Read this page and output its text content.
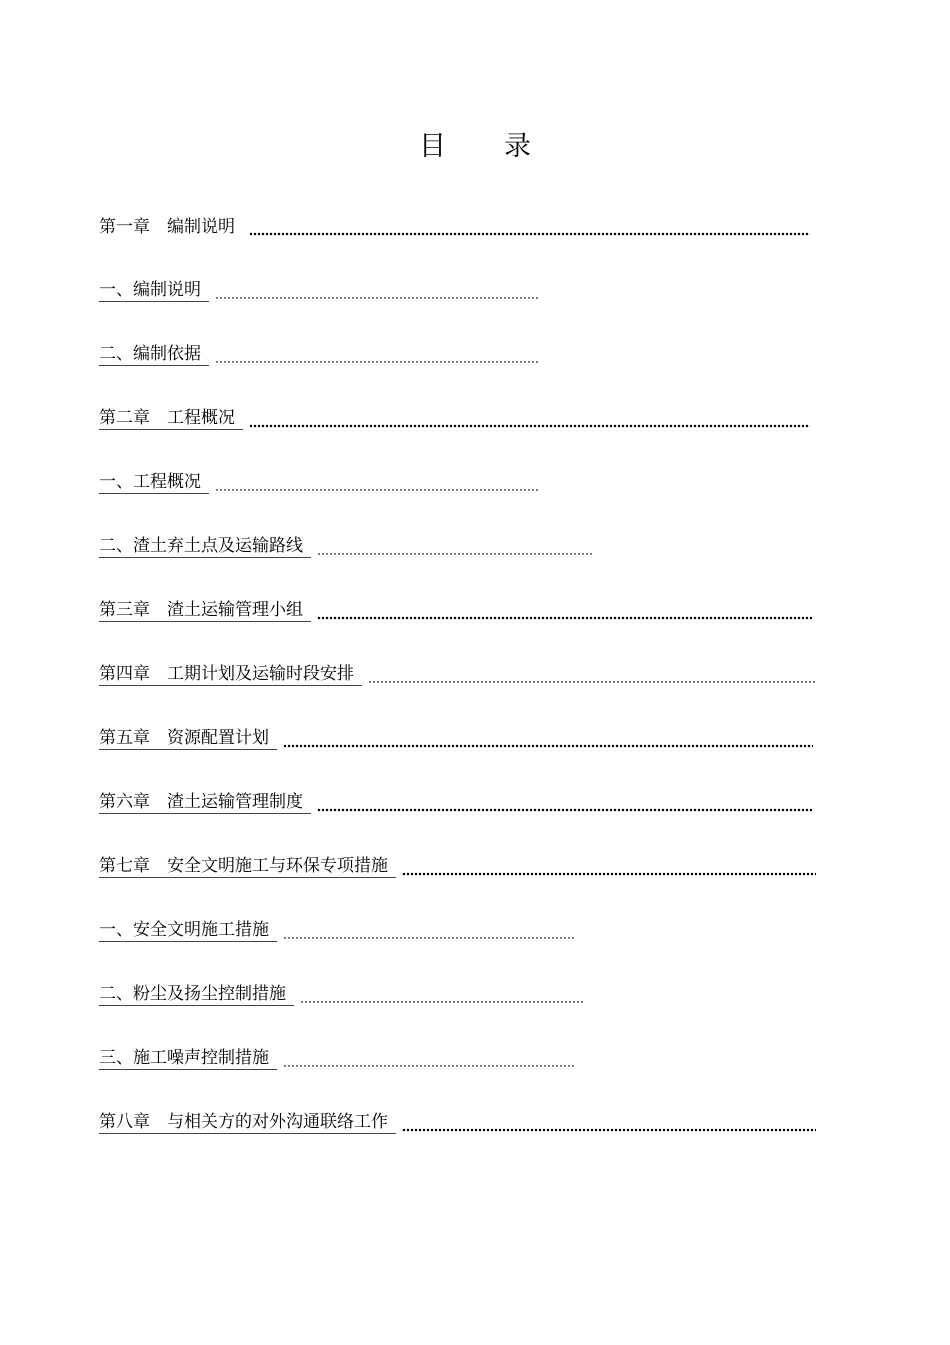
目 录
第一章　编制说明
一、编制说明
二、编制依据
第二章　工程概况
一、工程概况
二、渣土弃土点及运输路线
第三章　渣土运输管理小组
第四章　工期计划及运输时段安排
第五章　资源配置计划
第六章　渣土运输管理制度
第七章　安全文明施工与环保专项措施
一、安全文明施工措施
二、粉尘及扬尘控制措施
三、施工噪声控制措施
第八章　与相关方的对外沟通联络工作
